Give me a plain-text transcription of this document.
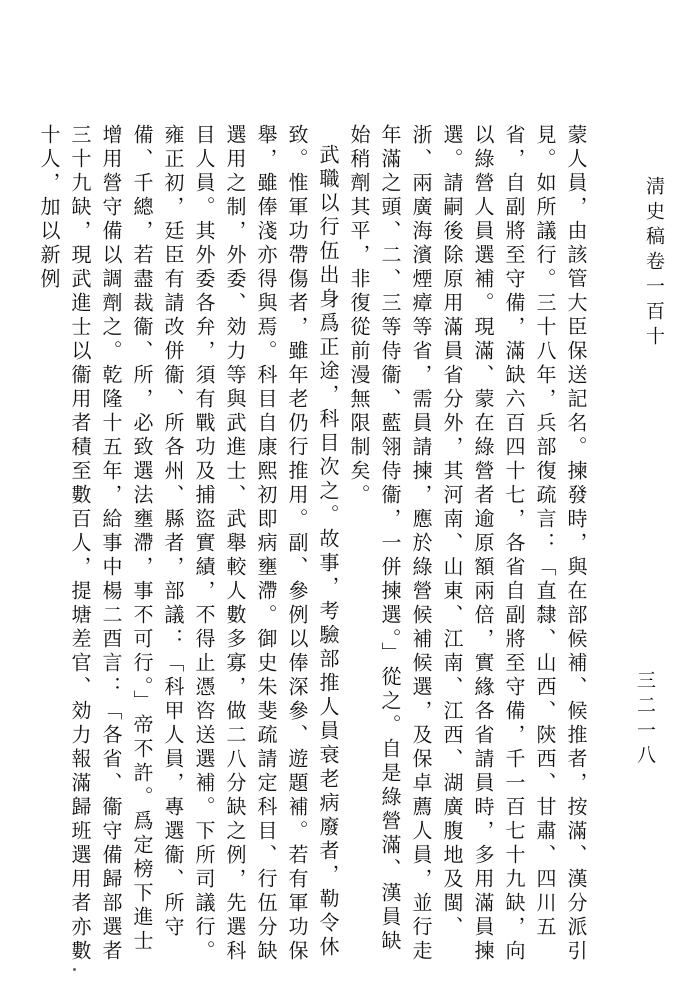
淸史稿卷一百十

蒙人員，由該管大臣保送記名。揀發時，與在部候補、候推者，按滿、漢分派引見。如所議行。三十八年，兵部復疏言：「直隸、山西、陝西、甘肅、四川五省，自副將至守備，滿缺六百四十七，各省自副將至守備，千一百七十九缺，向以綠營人員選補。現滿、蒙在綠營者逾原額兩倍，實緣各省請員時，多用滿員揀選。請嗣後除原用滿員省分外，其河南、山東、江南、江西、湖廣腹地及閩、浙、兩廣海濱煙瘴等省，需員請揀，應於綠營候補候選，及保卓薦人員，並行走年滿之頭、二、三等侍衞、藍翎侍衞，一併揀選。」從之。自是綠營滿、漢員缺始稍劑其平，非復從前漫無限制矣。

武職以行伍出身爲正途，科目次之。故事，考驗部推人員衰老病廢者，勒令休致。惟軍功帶傷者，雖年老仍行推用。副、參例以俸深參、遊題補。若有軍功保舉，雖俸淺亦得與焉。科目自康熙初即病壅滯。御史朱斐疏請定科目、行伍分缺選用之制，外委、効力等與武進士、武舉較人數多寡，做二八分缺之例，先選科目人員。其外委各弁，須有戰功及捕盜實績，不得止憑咨送選補。下所司議行。雍正初，廷臣有請改併衞、所各州、縣者，部議：「科甲人員，專選衞、所守備、千總，若盡裁衞、所，必致選法壅滯，事不可行。」帝不許。爲定榜下進士增用營守備以調劑之。乾隆十五年，給事中楊二酉言：「各省、衞守備歸部選者三十九缺，現武進士以衞用者積至數百人，提塘差官、効力報滿歸班選用者亦數十人，加以新例

三二一八
